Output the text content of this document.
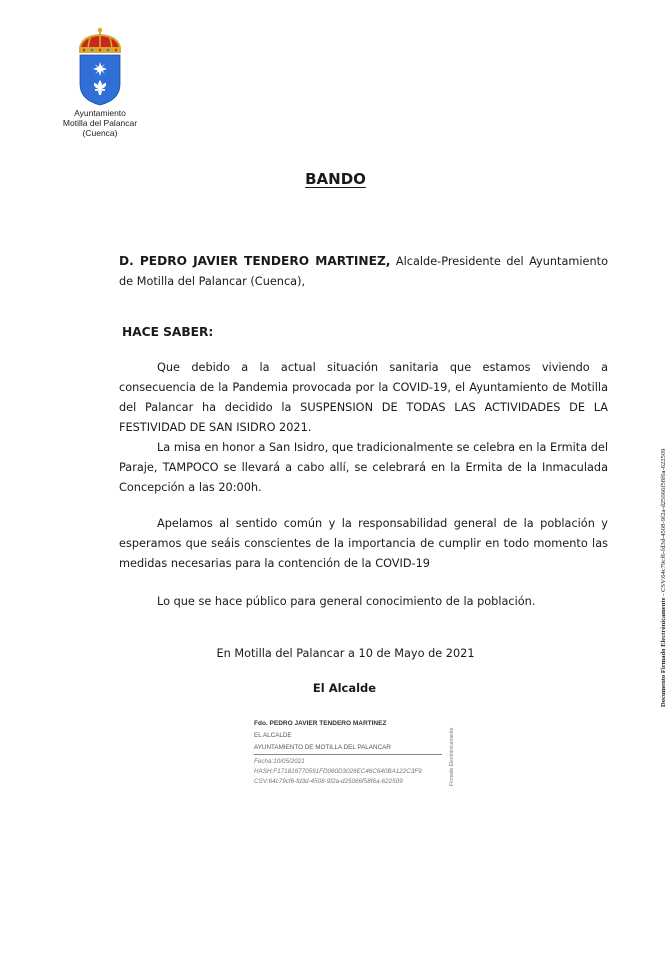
Ayuntamiento
Motilla del Palancar
(Cuenca)
BANDO
D. PEDRO JAVIER TENDERO MARTINEZ, Alcalde-Presidente del Ayuntamiento de Motilla del Palancar (Cuenca),
HACE SABER:
Que debido a la actual situación sanitaria que estamos viviendo a consecuencia de la Pandemia provocada por la COVID-19, el Ayuntamiento de Motilla del Palancar ha decidido la SUSPENSION DE TODAS LAS ACTIVIDADES DE LA FESTIVIDAD DE SAN ISIDRO 2021.
La misa en honor a San Isidro, que tradicionalmente se celebra en la Ermita del Paraje, TAMPOCO se llevará a cabo allí, se celebrará en la Ermita de la Inmaculada Concepción a las 20:00h.
Apelamos al sentido común y la responsabilidad general de la población y esperamos que seáis conscientes de la importancia de cumplir en todo momento las medidas necesarias para la contención de la COVID-19
Lo que se hace público para general conocimiento de la población.
En Motilla del Palancar a 10 de Mayo de 2021
El Alcalde
Fdo. PEDRO JAVIER TENDERO MARTINEZ
EL ALCALDE
AYUNTAMIENTO DE MOTILLA DEL PALANCAR
Fecha:10/05/2021
HASH:F171816770591FD060D3026EC46C640BA122C3F9
CSV:64c79cf6-fd3d-4508-9f2a-d25066f58f6a-622509	Firmado Electrónicamente
Documento Firmado Electrónicamente - CSV:64c79cf6-fd3d-4508-9f2a-d25066f58f6a-622509
